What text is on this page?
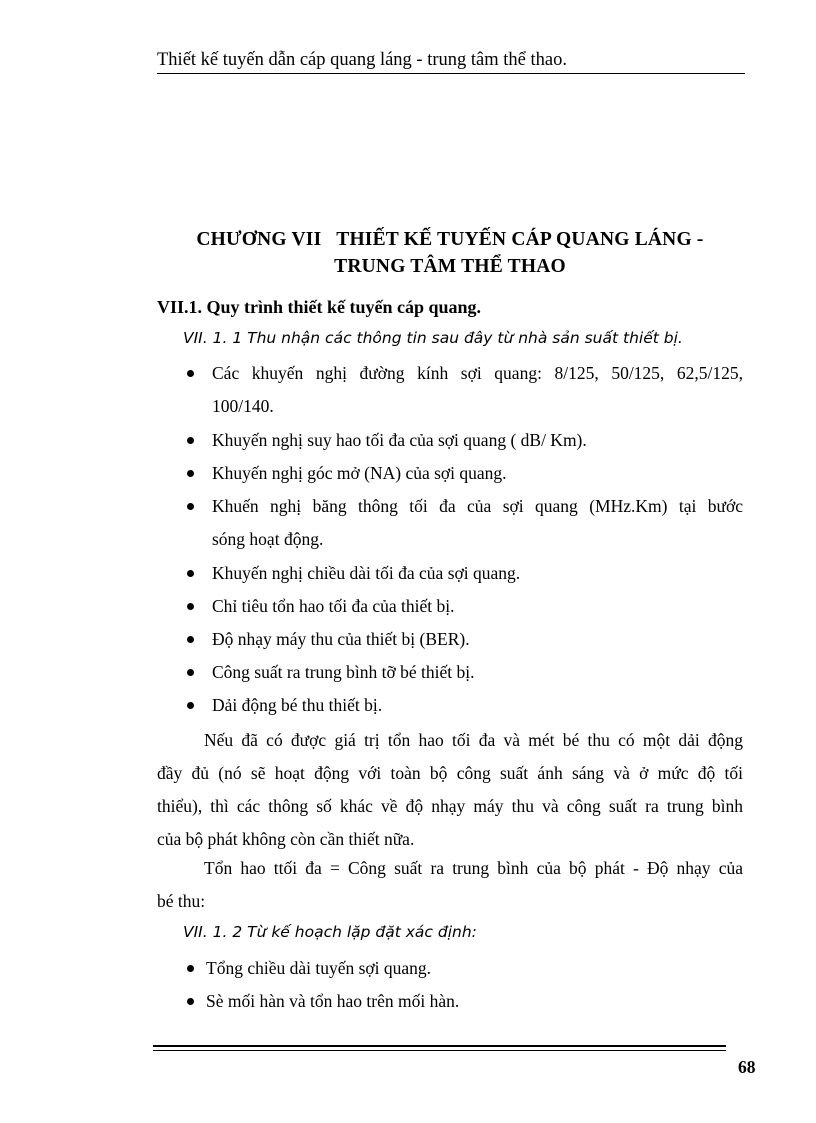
Thiết kế tuyến dẫn cáp quang láng - trung tâm thể thao.
CHƯƠNG VII   THIẾT KẾ TUYẾN CÁP QUANG LÁNG -
TRUNG TÂM THỂ THAO
VII.1. Quy trình thiết kế tuyến cáp quang.
VII. 1. 1 Thu nhận các thông tin sau đây từ nhà sản suất thiết bị.
Các khuyến nghị đường kính sợi quang: 8/125, 50/125, 62,5/125,
100/140.
Khuyến nghị suy hao tối đa của sợi quang ( dB/ Km).
Khuyến nghị góc mở (NA) của sợi quang.
Khuến nghị băng thông tối đa của sợi quang (MHz.Km) tại bước
sóng hoạt động.
Khuyến nghị chiều dài tối đa của sợi quang.
Chỉ tiêu tổn hao tối đa của thiết bị.
Độ nhạy máy thu của thiết bị (BER).
Công suất ra trung bình tỡ bé thiết bị.
Dải động bé thu thiết bị.
Nếu đã có được giá trị tổn hao tối đa và mét bé thu có một dải động
đầy đủ (nó sẽ hoạt động với toàn bộ công suất ánh sáng và ở mức độ tối
thiểu), thì các thông số khác về độ nhạy máy thu và công suất ra trung bình
của bộ phát không còn cần thiết nữa.
Tổn hao ttối đa = Công suất ra trung bình của bộ phát - Độ nhạy của
bé thu:
VII. 1. 2 Từ kế hoạch lặp đặt xác định:
Tổng chiều dài tuyến sợi quang.
Sè mối hàn và tổn hao trên mối hàn.
68
